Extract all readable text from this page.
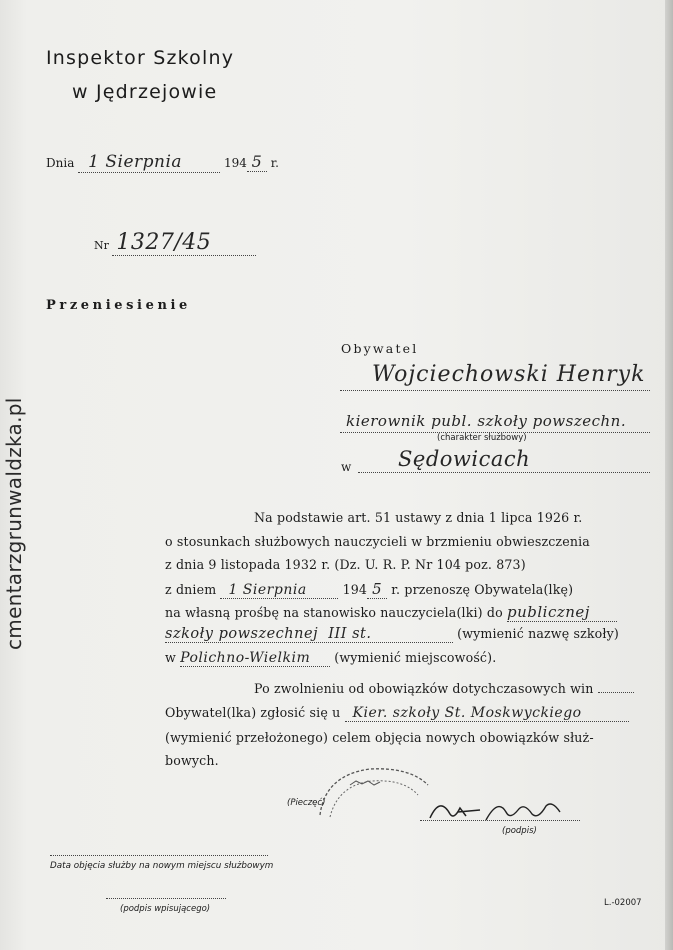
cmentarzgrunwaldzka.pl
Inspektor Szkolny
w Jędrzejowie
Dnia 1 Sierpnia	194 5 r.
Nr 1327/45
Przeniesienie
Obywatel
Wojciechowski Henryk
kierownik publ. szkoły powszechn.
(charakter służbowy)
w Sędowicach
Na podstawie art. 51 ustawy z dnia 1 lipca 1926 r.
o stosunkach służbowych nauczycieli w brzmieniu obwieszczenia
z dnia 9 listopada 1932 r. (Dz. U. R. P. Nr 104 poz. 873)
z dniem 1 Sierpnia	194 5 r. przenoszę Obywatela(lkę)
na własną prośbę na stanowisko nauczyciela(lki) do publicznej
szkoły powszechnej III st.	(wymienić nazwę szkoły)
w Polichno-Wielkim (wymienić miejscowość).
Po zwolnieniu od obowiązków dotychczasowych win
Obywatel(lka) zgłosić się u Kier. szkoły St. Moskwyckiego
(wymienić przełożonego) celem objęcia nowych obowiązków służ-
bowych.
(Pieczęć)
(podpis)
Data objęcia służby na nowym miejscu służbowym
(podpis wpisującego)
L.-02007
